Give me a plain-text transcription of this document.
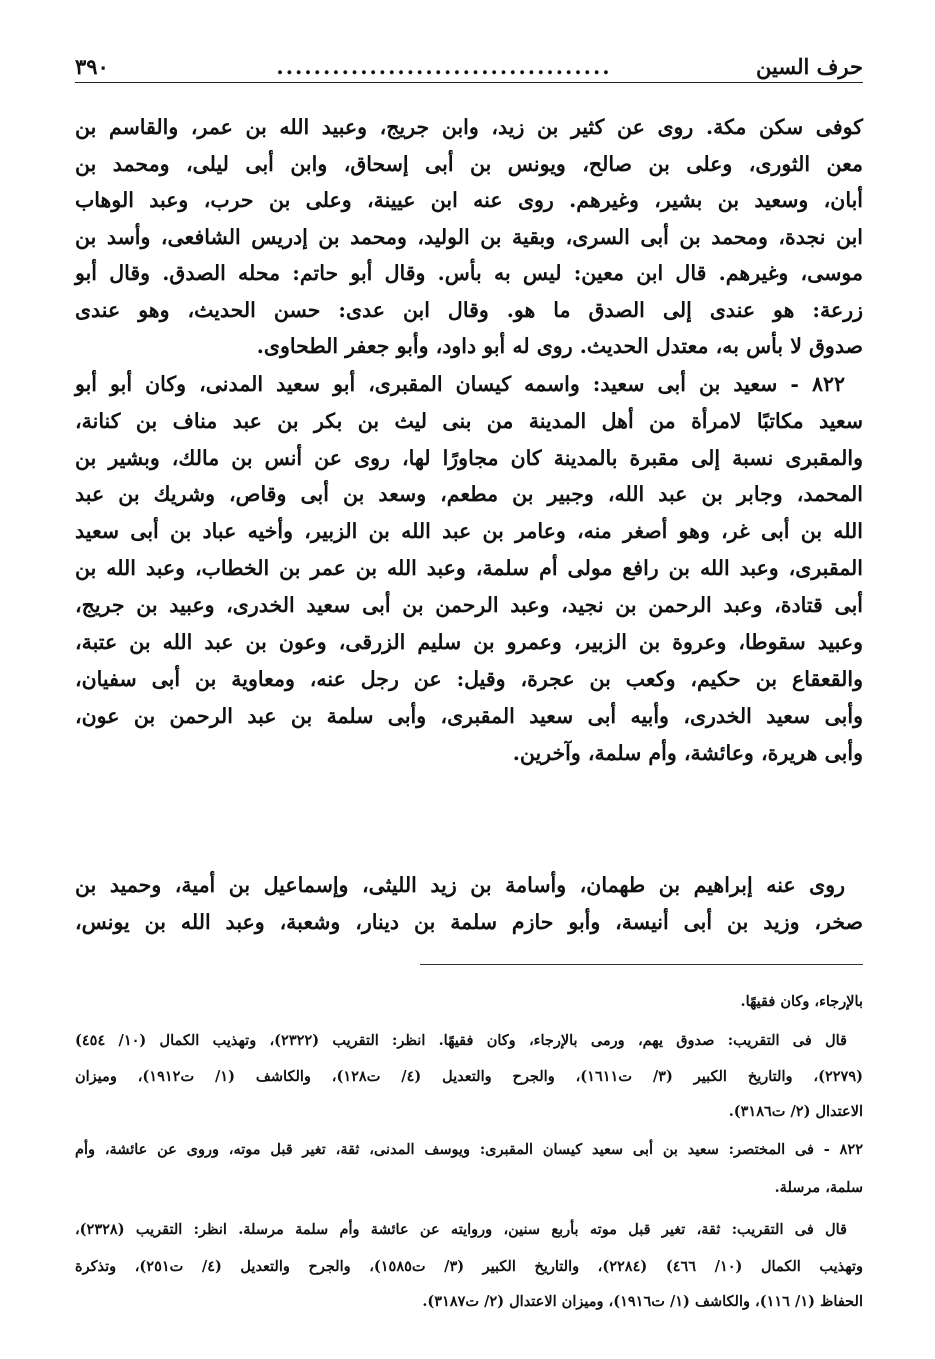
حرف السين
....................................
٣٩٠
كوفى سكن مكة. روى عن كثير بن زيد، وابن جريج، وعبيد الله بن عمر، والقاسم بن
معن الثورى، وعلى بن صالح، ويونس بن أبى إسحاق، وابن أبى ليلى، ومحمد بن
أبان، وسعيد بن بشير، وغيرهم. روى عنه ابن عيينة، وعلى بن حرب، وعبد الوهاب
ابن نجدة، ومحمد بن أبى السرى، وبقية بن الوليد، ومحمد بن إدريس الشافعى، وأسد بن
موسى، وغيرهم. قال ابن معين: ليس به بأس. وقال أبو حاتم: محله الصدق. وقال أبو
زرعة: هو عندى إلى الصدق ما هو. وقال ابن عدى: حسن الحديث، وهو عندى
صدوق لا بأس به، معتدل الحديث. روى له أبو داود، وأبو جعفر الطحاوى.
٨٢٢ - سعيد بن أبى سعيد: واسمه كيسان المقبرى، أبو سعيد المدنى، وكان أبو أبو
سعيد مكاتبًا لامرأة من أهل المدينة من بنى ليث بن بكر بن عبد مناف بن كنانة،
والمقبرى نسبة إلى مقبرة بالمدينة كان مجاورًا لها، روى عن أنس بن مالك، وبشير بن
المحمد، وجابر بن عبد الله، وجبير بن مطعم، وسعد بن أبى وقاص، وشريك بن عبد
الله بن أبى غر، وهو أصغر منه، وعامر بن عبد الله بن الزبير، وأخيه عباد بن أبى سعيد
المقبرى، وعبد الله بن رافع مولى أم سلمة، وعبد الله بن عمر بن الخطاب، وعبد الله بن
أبى قتادة، وعبد الرحمن بن نجيد، وعبد الرحمن بن أبى سعيد الخدرى، وعبيد بن جريج،
وعبيد سقوطا، وعروة بن الزبير، وعمرو بن سليم الزرقى، وعون بن عبد الله بن عتبة،
والقعقاع بن حكيم، وكعب بن عجرة، وقيل: عن رجل عنه، ومعاوية بن أبى سفيان،
وأبى سعيد الخدرى، وأبيه أبى سعيد المقبرى، وأبى سلمة بن عبد الرحمن بن عون،
وأبى هريرة، وعائشة، وأم سلمة، وآخرين.
روى عنه إبراهيم بن طهمان، وأسامة بن زيد الليثى، وإسماعيل بن أمية، وحميد بن
صخر، وزيد بن أبى أنيسة، وأبو حازم سلمة بن دينار، وشعبة، وعبد الله بن يونس،
بالإرجاء، وكان فقيهًا.
قال فى التقريب: صدوق يهم، ورمى بالإرجاء، وكان فقيهًا. انظر: التقريب (٢٣٢٢)، وتهذيب الكمال (١٠/ ٤٥٤)
(٢٢٧٩)، والتاريخ الكبير (٣/ ت١٦١١)، والجرح والتعديل (٤/ ت١٢٨)، والكاشف (١/ ت١٩١٢)، وميزان
الاعتدال (٢/ ت٣١٨٦).
٨٢٢ - فى المختصر: سعيد بن أبى سعيد كيسان المقبرى: ويوسف المدنى، ثقة، تغير قبل موته، وروى عن عائشة، وأم
سلمة، مرسلة.
قال فى التقريب: ثقة، تغير قبل موته بأربع سنين، وروايته عن عائشة وأم سلمة مرسلة. انظر: التقريب (٢٣٢٨)،
وتهذيب الكمال (١٠/ ٤٦٦) (٢٢٨٤)، والتاريخ الكبير (٣/ ت١٥٨٥)، والجرح والتعديل (٤/ ت٢٥١)، وتذكرة
الحفاظ (١/ ١١٦)، والكاشف (١/ ت١٩١٦)، وميزان الاعتدال (٢/ ت٣١٨٧).
